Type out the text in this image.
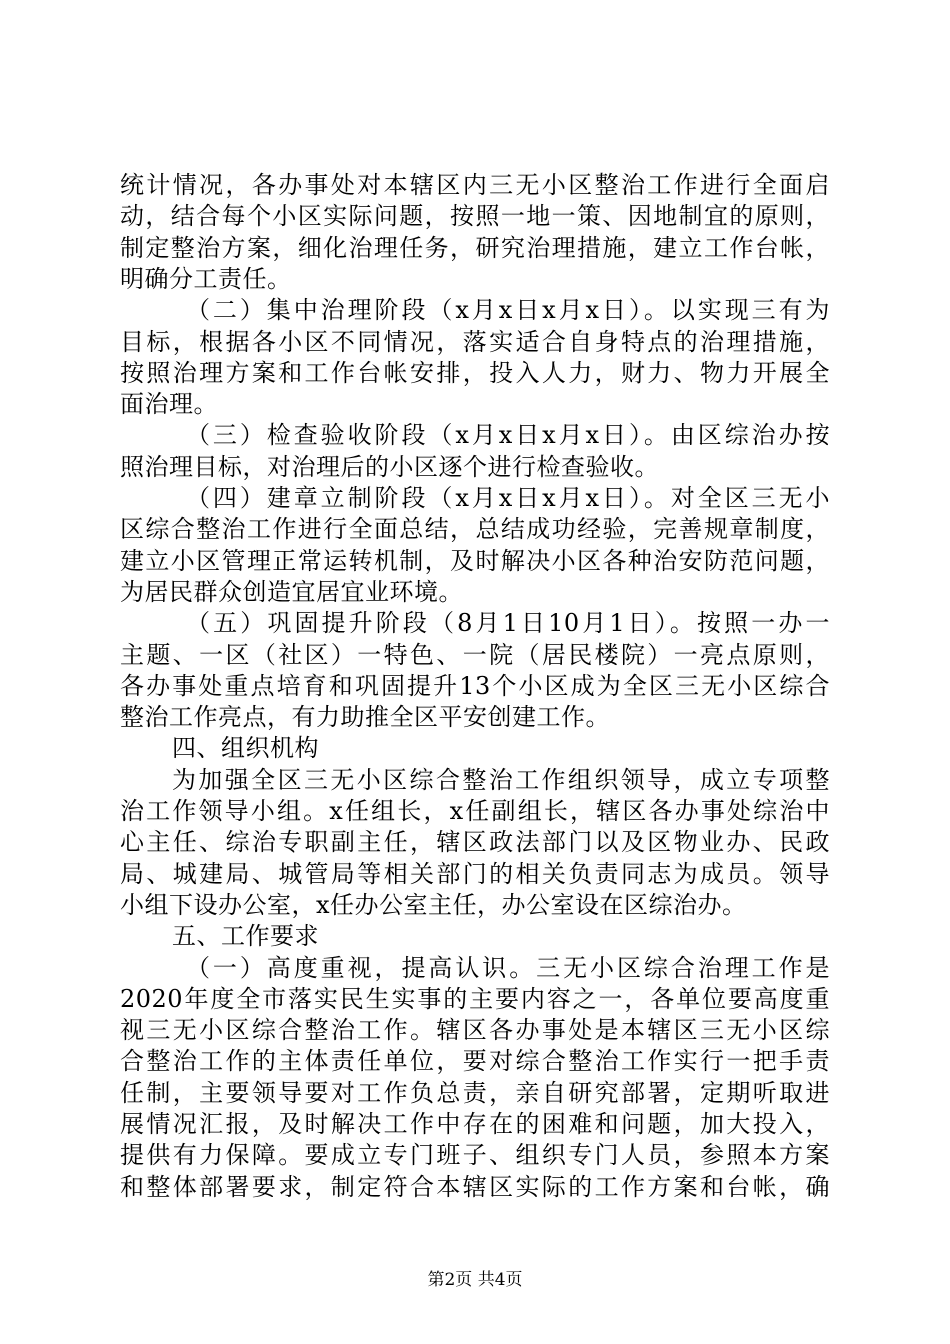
统计情况，各办事处对本辖区内三无小区整治工作进行全面启
动，结合每个小区实际问题，按照一地一策、因地制宜的原则，
制定整治方案，细化治理任务，研究治理措施，建立工作台帐，
明确分工责任。
（二）集中治理阶段（x月x日x月x日）。以实现三有为
目标，根据各小区不同情况，落实适合自身特点的治理措施，
按照治理方案和工作台帐安排，投入人力，财力、物力开展全
面治理。
（三）检查验收阶段（x月x日x月x日）。由区综治办按
照治理目标，对治理后的小区逐个进行检查验收。
（四）建章立制阶段（x月x日x月x日）。对全区三无小
区综合整治工作进行全面总结，总结成功经验，完善规章制度，
建立小区管理正常运转机制，及时解决小区各种治安防范问题，
为居民群众创造宜居宜业环境。
（五）巩固提升阶段（8月1日10月1日）。按照一办一
主题、一区（社区）一特色、一院（居民楼院）一亮点原则，
各办事处重点培育和巩固提升13个小区成为全区三无小区综合
整治工作亮点，有力助推全区平安创建工作。
四、组织机构
为加强全区三无小区综合整治工作组织领导，成立专项整
治工作领导小组。x任组长，x任副组长，辖区各办事处综治中
心主任、综治专职副主任，辖区政法部门以及区物业办、民政
局、城建局、城管局等相关部门的相关负责同志为成员。领导
小组下设办公室，x任办公室主任，办公室设在区综治办。
五、工作要求
（一）高度重视，提高认识。三无小区综合治理工作是
2020年度全市落实民生实事的主要内容之一，各单位要高度重
视三无小区综合整治工作。辖区各办事处是本辖区三无小区综
合整治工作的主体责任单位，要对综合整治工作实行一把手责
任制，主要领导要对工作负总责，亲自研究部署，定期听取进
展情况汇报，及时解决工作中存在的困难和问题，加大投入，
提供有力保障。要成立专门班子、组织专门人员，参照本方案
和整体部署要求，制定符合本辖区实际的工作方案和台帐，确
第2页 共4页
